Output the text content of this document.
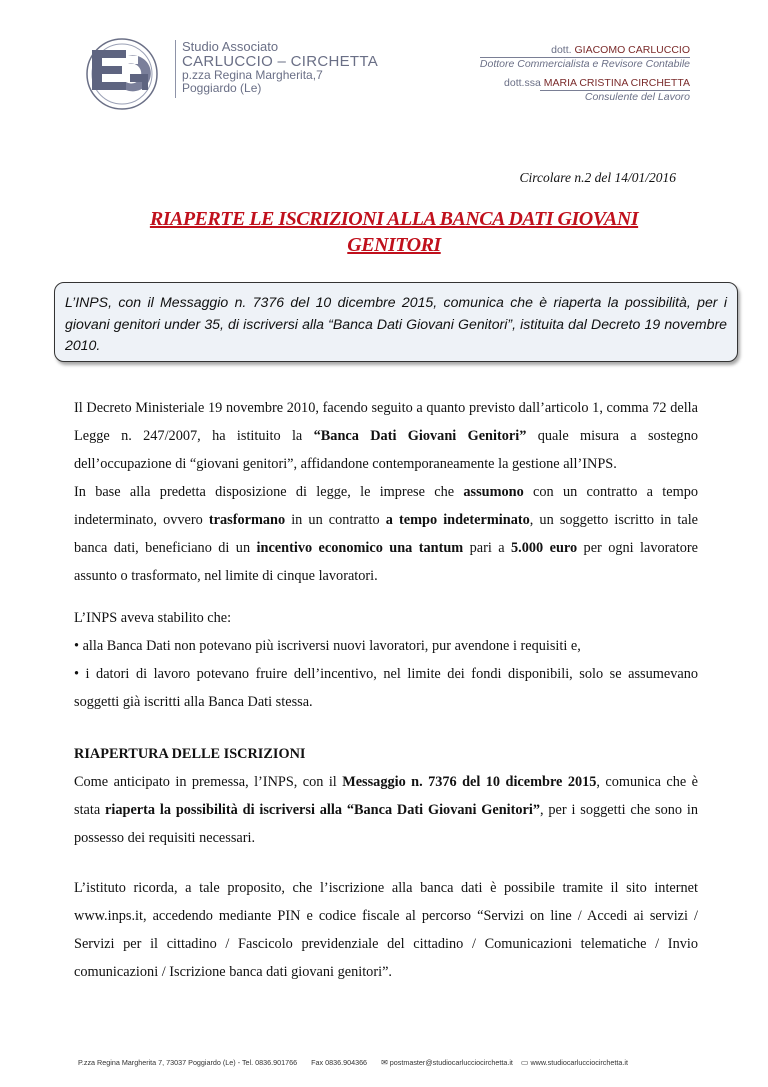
Studio Associato
CARLUCCIO – CIRCHETTA
p.zza Regina Margherita,7
Poggiardo (Le)
dott. GIACOMO CARLUCCIO
Dottore Commercialista e Revisore Contabile
dott.ssa MARIA CRISTINA CIRCHETTA
Consulente del Lavoro
Circolare n.2 del 14/01/2016
RIAPERTE LE ISCRIZIONI ALLA BANCA DATI GIOVANI
GENITORI
L’INPS, con il Messaggio n. 7376 del 10 dicembre 2015, comunica che è riaperta la possibilità, per i giovani genitori under 35, di iscriversi alla “Banca Dati Giovani Genitori”, istituita dal Decreto 19 novembre 2010.

Il Decreto Ministeriale 19 novembre 2010, facendo seguito a quanto previsto dall’articolo 1, comma 72 della Legge n. 247/2007, ha istituito la “Banca Dati Giovani Genitori” quale misura a sostegno dell’occupazione di “giovani genitori”, affidandone contemporaneamente la gestione all’INPS.

In base alla predetta disposizione di legge, le imprese che assumono con un contratto a tempo indeterminato, ovvero trasformano in un contratto a tempo indeterminato, un soggetto iscritto in tale banca dati, beneficiano di un incentivo economico una tantum pari a 5.000 euro per ogni lavoratore assunto o trasformato, nel limite di cinque lavoratori.

L’INPS aveva stabilito che:

• alla Banca Dati non potevano più iscriversi nuovi lavoratori, pur avendone i requisiti e,

• i datori di lavoro potevano fruire dell’incentivo, nel limite dei fondi disponibili, solo se assumevano soggetti già iscritti alla Banca Dati stessa.

RIAPERTURA DELLE ISCRIZIONI

Come anticipato in premessa, l’INPS, con il Messaggio n. 7376 del 10 dicembre 2015, comunica che è stata riaperta la possibilità di iscriversi alla “Banca Dati Giovani Genitori”, per i soggetti che sono in possesso dei requisiti necessari.

L’istituto ricorda, a tale proposito, che l’iscrizione alla banca dati è possibile tramite il sito internet www.inps.it, accedendo mediante PIN e codice fiscale al percorso “Servizi on line / Accedi ai servizi / Servizi per il cittadino / Fascicolo previdenziale del cittadino / Comunicazioni telematiche / Invio comunicazioni / Iscrizione banca dati giovani genitori”.

P.zza Regina Margherita 7, 73037 Poggiardo (Le) - Tel. 0836.901766 Fax 0836.904366 ✉ postmaster@studiocarlucciocirchetta.it ▭ www.studiocarlucciocirchetta.it
